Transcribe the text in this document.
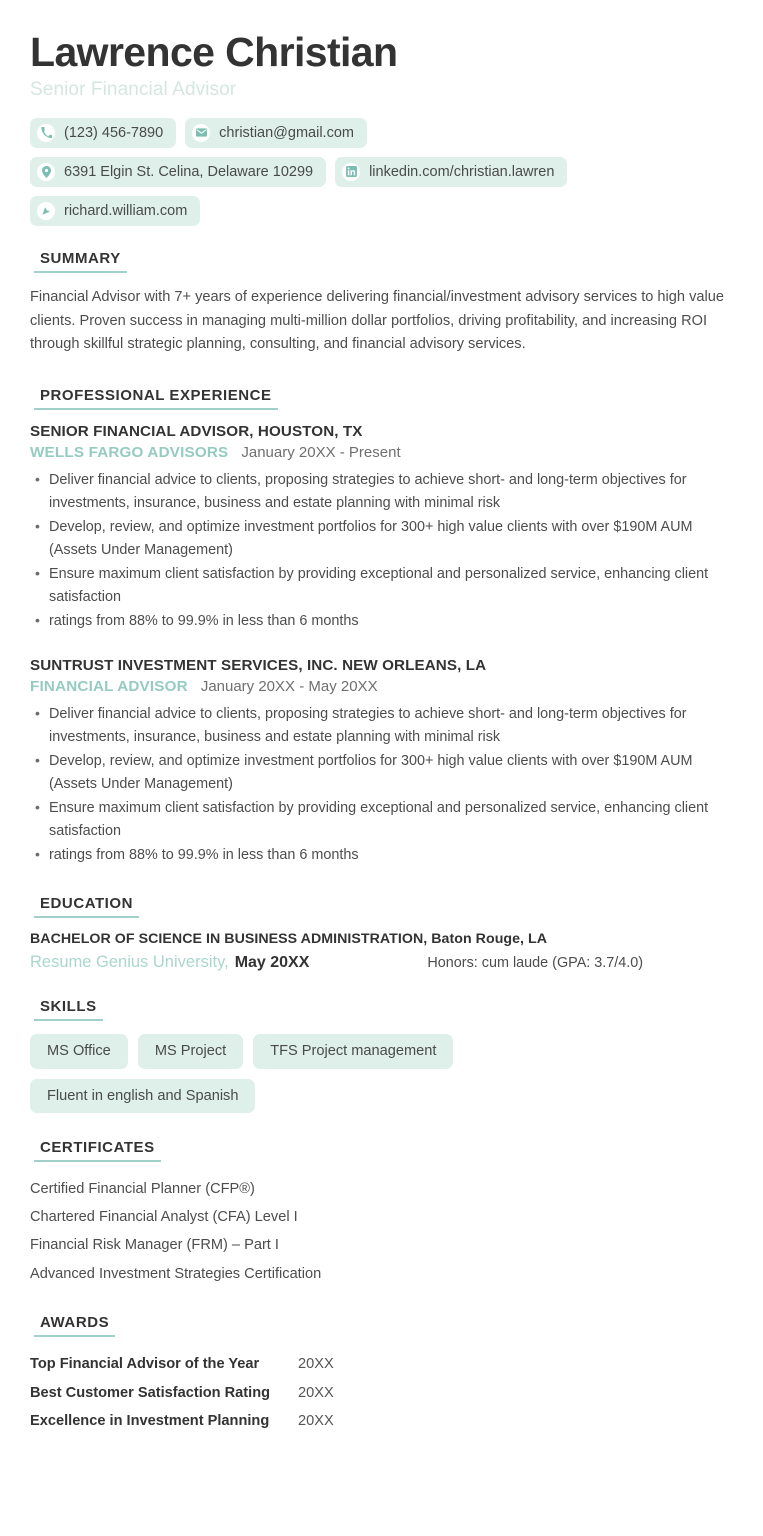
Lawrence Christian
Senior Financial Advisor
(123) 456-7890	christian@gmail.com
6391 Elgin St. Celina, Delaware 10299	linkedin.com/christian.lawren
richard.william.com
SUMMARY

Financial Advisor with 7+ years of experience delivering financial/investment advisory services to high value clients. Proven success in managing multi-million dollar portfolios, driving profitability, and increasing ROI through skillful strategic planning, consulting, and financial advisory services.

PROFESSIONAL EXPERIENCE
SENIOR FINANCIAL ADVISOR, HOUSTON, TX
WELLS FARGO ADVISORS January 20XX - Present
• Deliver financial advice to clients, proposing strategies to achieve short- and long-term objectives for investments, insurance, business and estate planning with minimal risk
• Develop, review, and optimize investment portfolios for 300+ high value clients with over $190M AUM (Assets Under Management)
• Ensure maximum client satisfaction by providing exceptional and personalized service, enhancing client satisfaction
• ratings from 88% to 99.9% in less than 6 months
SUNTRUST INVESTMENT SERVICES, INC. NEW ORLEANS, LA
FINANCIAL ADVISOR January 20XX - May 20XX
• Deliver financial advice to clients, proposing strategies to achieve short- and long-term objectives for investments, insurance, business and estate planning with minimal risk
• Develop, review, and optimize investment portfolios for 300+ high value clients with over $190M AUM (Assets Under Management)
• Ensure maximum client satisfaction by providing exceptional and personalized service, enhancing client satisfaction
• ratings from 88% to 99.9% in less than 6 months
EDUCATION
BACHELOR OF SCIENCE IN BUSINESS ADMINISTRATION, Baton Rouge, LA
Resume Genius University, May 20XX	Honors: cum laude (GPA: 3.7/4.0)
SKILLS
MS Office	MS Project	TFS Project management
Fluent in english and Spanish
CERTIFICATES
Certified Financial Planner (CFP®)
Chartered Financial Analyst (CFA) Level I
Financial Risk Manager (FRM) – Part I
Advanced Investment Strategies Certification
AWARDS
Top Financial Advisor of the Year	20XX
Best Customer Satisfaction Rating	20XX
Excellence in Investment Planning	20XX
